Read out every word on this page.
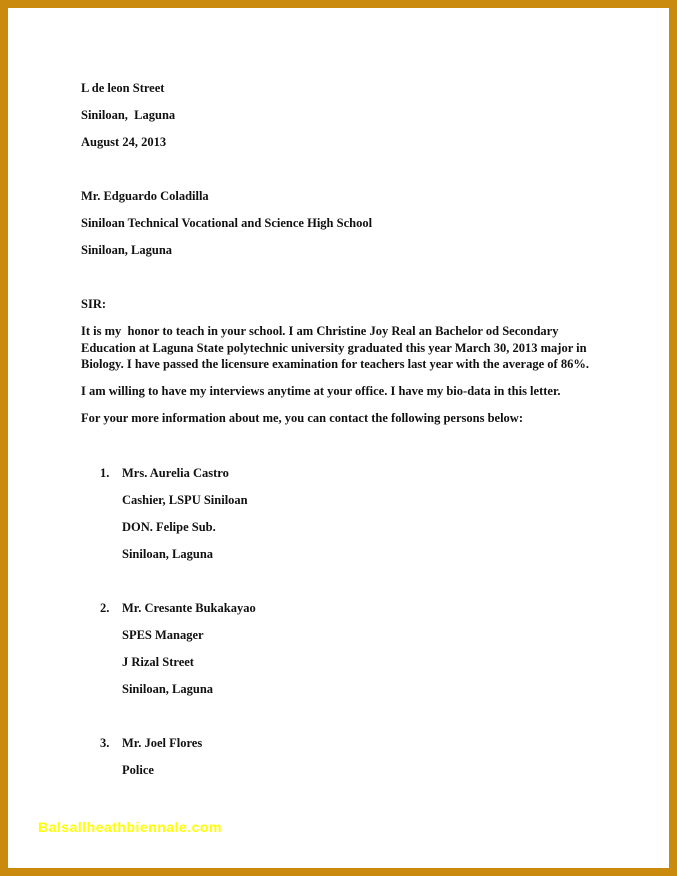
L de leon Street
Siniloan,  Laguna
August 24, 2013
Mr. Edguardo Coladilla
Siniloan Technical Vocational and Science High School
Siniloan, Laguna
SIR:
It is my  honor to teach in your school. I am Christine Joy Real an Bachelor od Secondary
Education at Laguna State polytechnic university graduated this year March 30, 2013 major in
Biology. I have passed the licensure examination for teachers last year with the average of 86%.
I am willing to have my interviews anytime at your office. I have my bio-data in this letter.
For your more information about me, you can contact the following persons below:
1.	Mrs. Aurelia Castro
Cashier, LSPU Siniloan
DON. Felipe Sub.
Siniloan, Laguna
2.	Mr. Cresante Bukakayao
SPES Manager
J Rizal Street
Siniloan, Laguna
3.	Mr. Joel Flores
Police
Balsallheathbiennale.com
